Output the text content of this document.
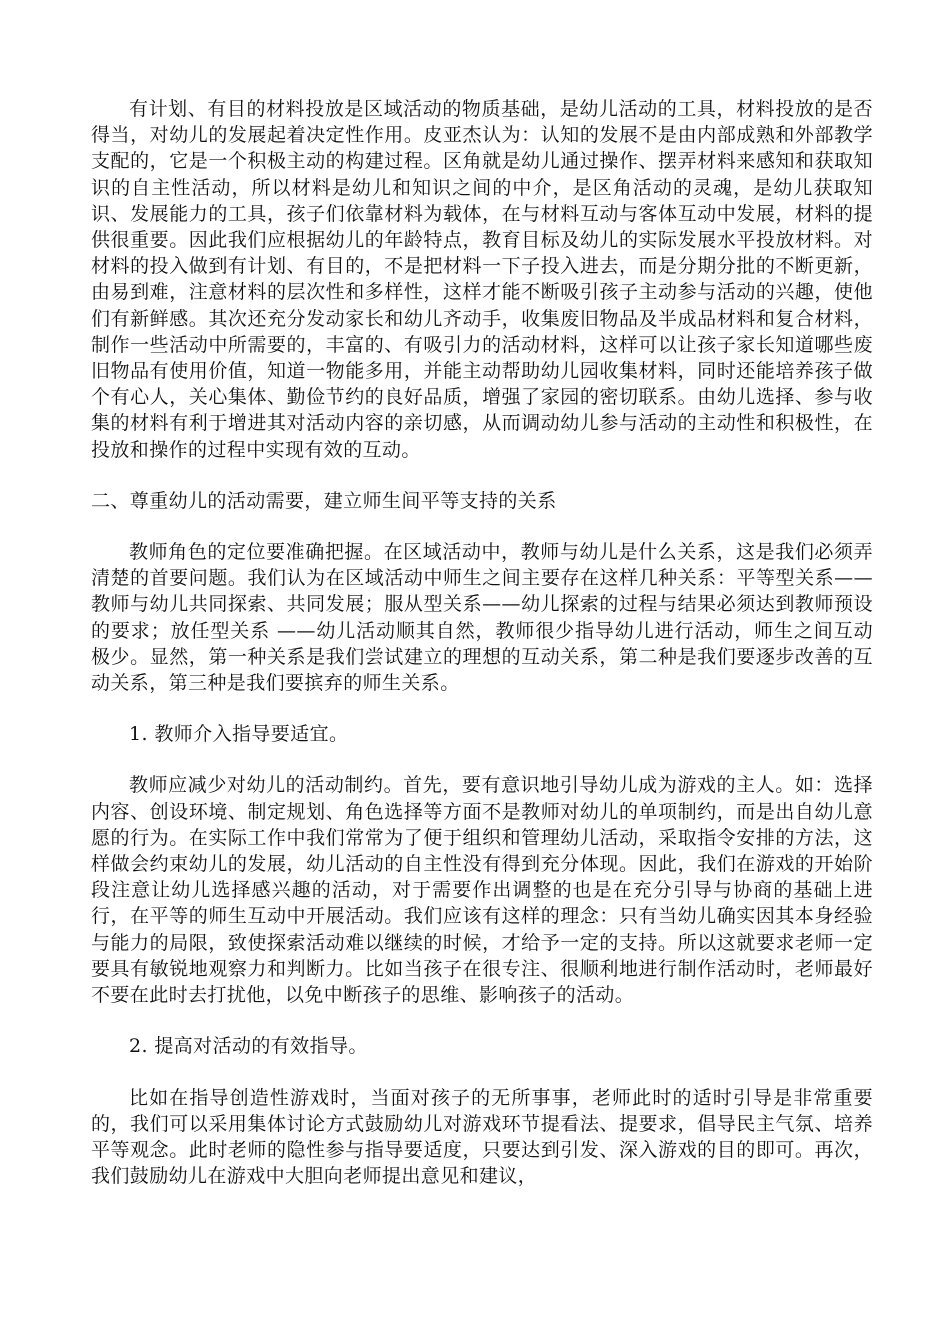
有计划、有目的材料投放是区域活动的物质基础，是幼儿活动的工具，材料投放的是否得当，对幼儿的发展起着决定性作用。皮亚杰认为：认知的发展不是由内部成熟和外部教学支配的，它是一个积极主动的构建过程。区角就是幼儿通过操作、摆弄材料来感知和获取知识的自主性活动，所以材料是幼儿和知识之间的中介，是区角活动的灵魂，是幼儿获取知识、发展能力的工具，孩子们依靠材料为载体，在与材料互动与客体互动中发展，材料的提供很重要。因此我们应根据幼儿的年龄特点，教育目标及幼儿的实际发展水平投放材料。对材料的投入做到有计划、有目的，不是把材料一下子投入进去，而是分期分批的不断更新，由易到难，注意材料的层次性和多样性，这样才能不断吸引孩子主动参与活动的兴趣，使他们有新鲜感。其次还充分发动家长和幼儿齐动手，收集废旧物品及半成品材料和复合材料，制作一些活动中所需要的，丰富的、有吸引力的活动材料，这样可以让孩子家长知道哪些废旧物品有使用价值，知道一物能多用，并能主动帮助幼儿园收集材料，同时还能培养孩子做个有心人，关心集体、勤俭节约的良好品质，增强了家园的密切联系。由幼儿选择、参与收集的材料有利于增进其对活动内容的亲切感，从而调动幼儿参与活动的主动性和积极性，在投放和操作的过程中实现有效的互动。

二、尊重幼儿的活动需要，建立师生间平等支持的关系

教师角色的定位要准确把握。在区域活动中，教师与幼儿是什么关系，这是我们必须弄清楚的首要问题。我们认为在区域活动中师生之间主要存在这样几种关系：平等型关系——教师与幼儿共同探索、共同发展；服从型关系——幼儿探索的过程与结果必须达到教师预设的要求；放任型关系 ——幼儿活动顺其自然，教师很少指导幼儿进行活动，师生之间互动极少。显然，第一种关系是我们尝试建立的理想的互动关系，第二种是我们要逐步改善的互动关系，第三种是我们要摈弃的师生关系。

1. 教师介入指导要适宜。

教师应减少对幼儿的活动制约。首先，要有意识地引导幼儿成为游戏的主人。如：选择内容、创设环境、制定规划、角色选择等方面不是教师对幼儿的单项制约，而是出自幼儿意愿的行为。在实际工作中我们常常为了便于组织和管理幼儿活动，采取指令安排的方法，这样做会约束幼儿的发展，幼儿活动的自主性没有得到充分体现。因此，我们在游戏的开始阶段注意让幼儿选择感兴趣的活动，对于需要作出调整的也是在充分引导与协商的基础上进行，在平等的师生互动中开展活动。我们应该有这样的理念：只有当幼儿确实因其本身经验与能力的局限，致使探索活动难以继续的时候，才给予一定的支持。所以这就要求老师一定要具有敏锐地观察力和判断力。比如当孩子在很专注、很顺利地进行制作活动时，老师最好不要在此时去打扰他，以免中断孩子的思维、影响孩子的活动。

2. 提高对活动的有效指导。

比如在指导创造性游戏时，当面对孩子的无所事事，老师此时的适时引导是非常重要的，我们可以采用集体讨论方式鼓励幼儿对游戏环节提看法、提要求，倡导民主气氛、培养平等观念。此时老师的隐性参与指导要适度，只要达到引发、深入游戏的目的即可。再次，我们鼓励幼儿在游戏中大胆向老师提出意见和建议，
